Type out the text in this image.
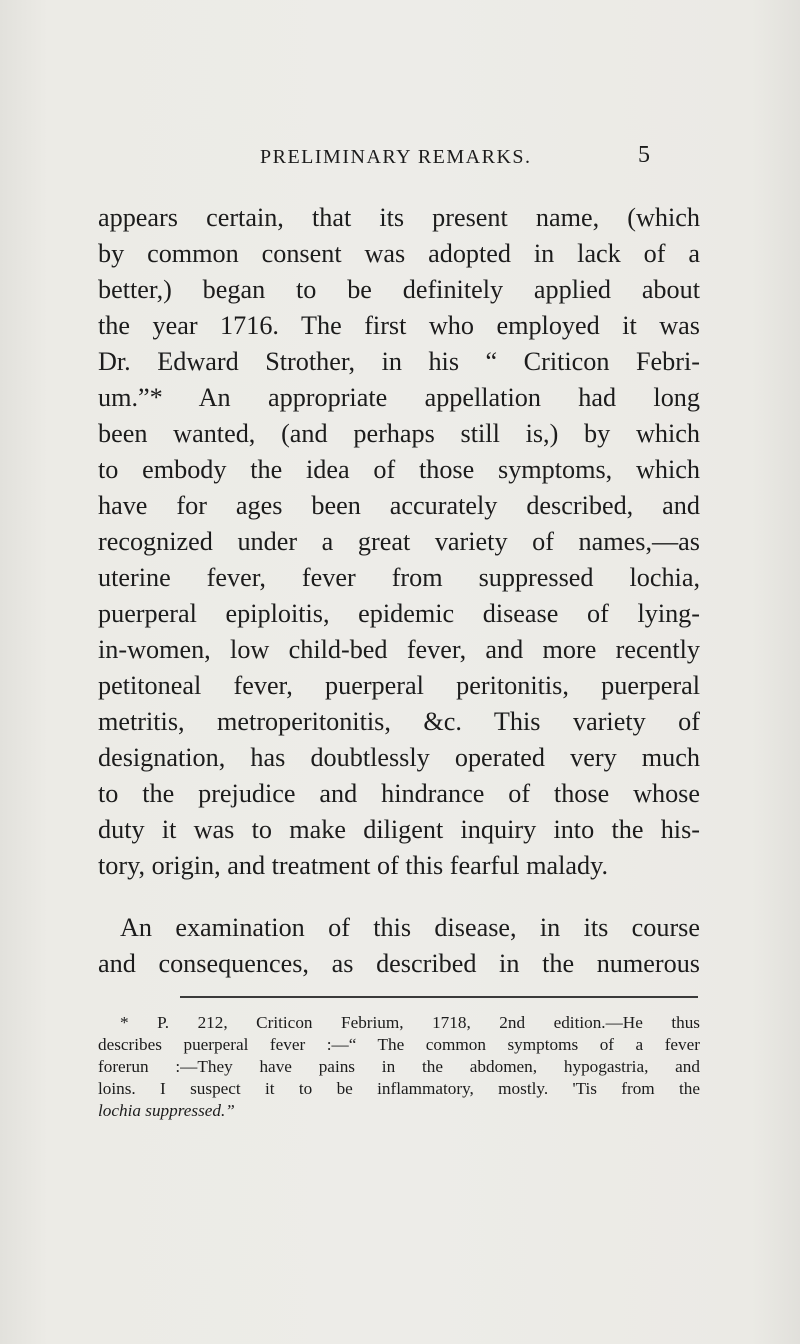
PRELIMINARY REMARKS.	5
appears certain, that its present name, (which
by common consent was adopted in lack of a
better,) began to be definitely applied about
the year 1716. The first who employed it was
Dr. Edward Strother, in his “ Criticon Febri-
um.”* An appropriate appellation had long
been wanted, (and perhaps still is,) by which
to embody the idea of those symptoms, which
have for ages been accurately described, and
recognized under a great variety of names,—as
uterine fever, fever from suppressed lochia,
puerperal epiploitis, epidemic disease of lying-
in-women, low child-bed fever, and more recently
petitoneal fever, puerperal peritonitis, puerperal
metritis, metroperitonitis, &c. This variety of
designation, has doubtlessly operated very much
to the prejudice and hindrance of those whose
duty it was to make diligent inquiry into the his-
tory, origin, and treatment of this fearful malady.
An examination of this disease, in its course
and consequences, as described in the numerous
* P. 212, Criticon Febrium, 1718, 2nd edition.—He thus
describes puerperal fever :—“ The common symptoms of a fever
forerun :—They have pains in the abdomen, hypogastria, and
loins. I suspect it to be inflammatory, mostly. 'Tis from the
lochia suppressed.”
